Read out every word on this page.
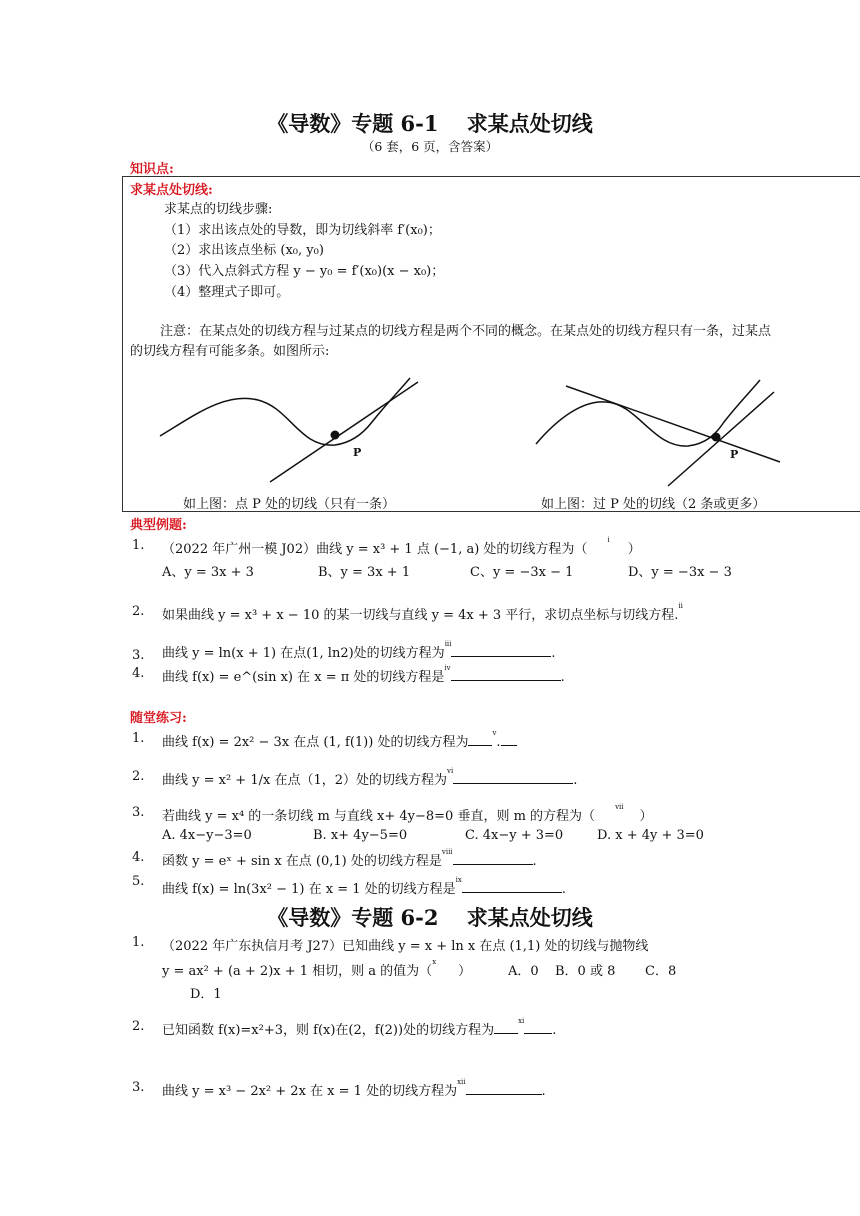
《导数》专题 6-1　 求某点处切线
（6 套，6 页，含答案）
知识点:
求某点处切线:
求某点的切线步骤:
（1）求出该点处的导数，即为切线斜率 f′(x₀)；
（2）求出该点坐标 (x₀, y₀)
（3）代入点斜式方程 y − y₀ = f′(x₀)(x − x₀)；
（4）整理式子即可。
注意：在某点处的切线方程与过某点的切线方程是两个不同的概念。在某点处的切线方程只有一条，过某点
的切线方程有可能多条。如图所示:
P	P
如上图：点 P 处的切线（只有一条）	如上图：过 P 处的切线（2 条或更多）
典型例题:
1. （2022 年广州一模 J02）曲线 y = x³ + 1 点 (−1, a) 处的切线方程为（$^i$）
A、y = 3x + 3	B、y = 3x + 1	C、y = −3x − 1	D、y = −3x − 3
2. 如果曲线 y = x³ + x − 10 的某一切线与直线 y = 4x + 3 平行，求切点坐标与切线方程.$^{ii}$
3. 曲线 y = ln(x + 1) 在点(1, ln2)处的切线方程为$^{iii}$.
4. 曲线 f(x) = e^(sin x) 在 x = π 处的切线方程是$^{iv}$.
随堂练习:
1. 曲线 f(x) = 2x² − 3x 在点 (1, f(1)) 处的切线方程为$^v$.
2. 曲线 y = x² + 1/x 在点（1，2）处的切线方程为$^{vi}$.
3. 若曲线 y = x⁴ 的一条切线 m 与直线 x+ 4y−8=0 垂直，则 m 的方程为（$^{vii}$）
A. 4x−y−3=0	B. x+ 4y−5=0	C. 4x−y + 3=0	D. x + 4y + 3=0
4. 函数 y = eˣ + sin x 在点 (0,1) 处的切线方程是$^{viii}$.
5.
曲线 f(x) = ln(3x² − 1) 在 x = 1 处的切线方程是$^{ix}$.
《导数》专题 6-2　 求某点处切线
1. （2022 年广东执信月考 J27）已知曲线 y = x + ln x 在点 (1,1) 处的切线与抛物线
y = ax² + (a + 2)x + 1 相切，则 a 的值为（$^x$）	A．0 B．0 或 8 C．8
D．1
2. 已知函数 f(x)=x²+3，则 f(x)在(2，f(2))处的切线方程为$^{xi}$.
3. 曲线 y = x³ − 2x² + 2x 在 x = 1 处的切线方程为$^{xii}$.
